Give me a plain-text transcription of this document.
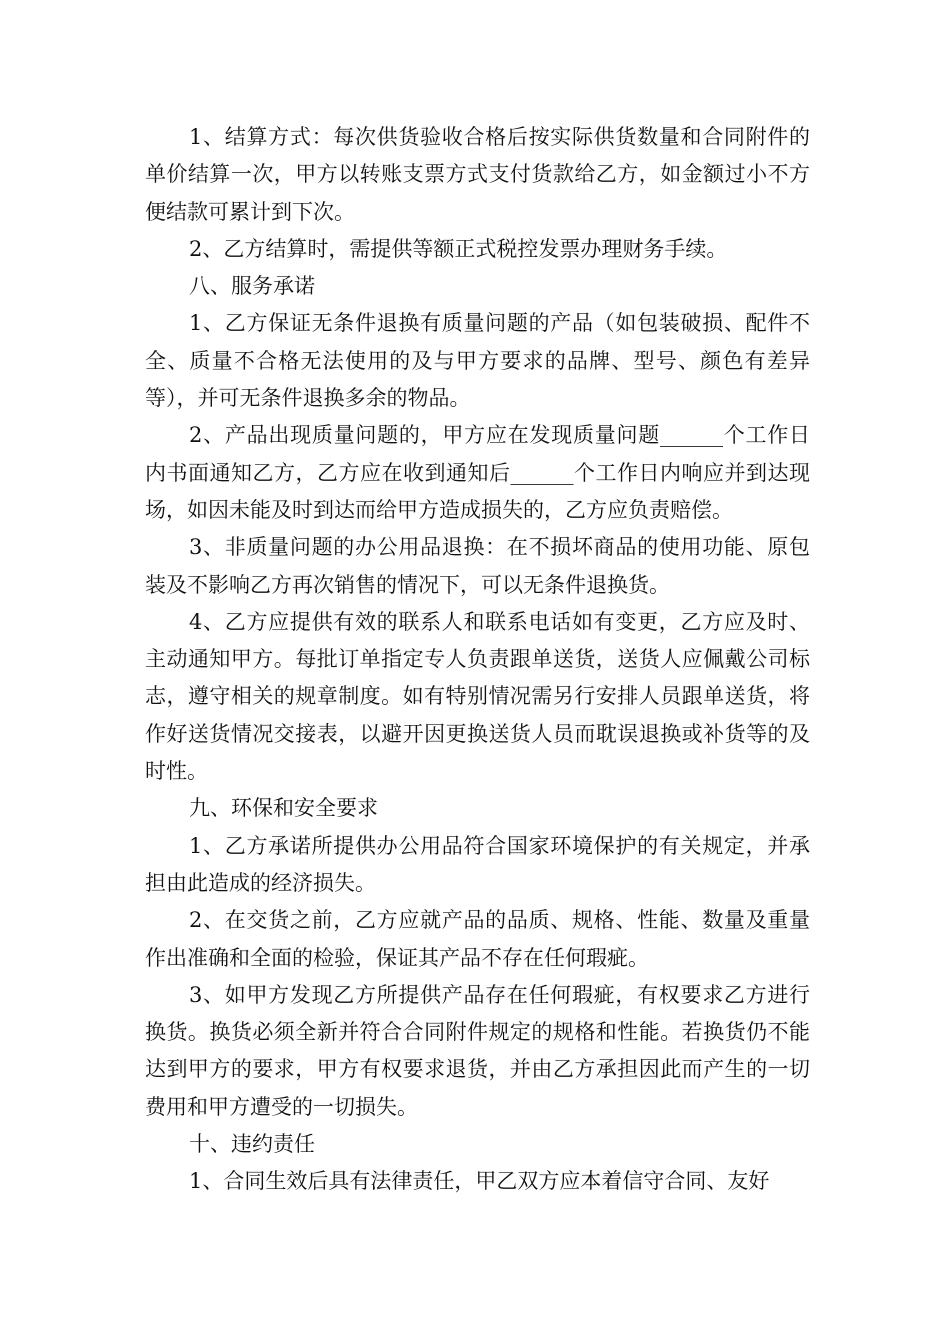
1、结算方式：每次供货验收合格后按实际供货数量和合同附件的单价结算一次，甲方以转账支票方式支付货款给乙方，如金额过小不方便结款可累计到下次。

2、乙方结算时，需提供等额正式税控发票办理财务手续。

八、服务承诺

1、乙方保证无条件退换有质量问题的产品（如包装破损、配件不全、质量不合格无法使用的及与甲方要求的品牌、型号、颜色有差异等），并可无条件退换多余的物品。

2、产品出现质量问题的，甲方应在发现质量问题______个工作日内书面通知乙方，乙方应在收到通知后______个工作日内响应并到达现场，如因未能及时到达而给甲方造成损失的，乙方应负责赔偿。

3、非质量问题的办公用品退换：在不损坏商品的使用功能、原包装及不影响乙方再次销售的情况下，可以无条件退换货。

4、乙方应提供有效的联系人和联系电话如有变更，乙方应及时、主动通知甲方。每批订单指定专人负责跟单送货，送货人应佩戴公司标志，遵守相关的规章制度。如有特别情况需另行安排人员跟单送货，将作好送货情况交接表，以避开因更换送货人员而耽误退换或补货等的及时性。

九、环保和安全要求

1、乙方承诺所提供办公用品符合国家环境保护的有关规定，并承担由此造成的经济损失。

2、在交货之前，乙方应就产品的品质、规格、性能、数量及重量作出准确和全面的检验，保证其产品不存在任何瑕疵。

3、如甲方发现乙方所提供产品存在任何瑕疵，有权要求乙方进行换货。换货必须全新并符合合同附件规定的规格和性能。若换货仍不能达到甲方的要求，甲方有权要求退货，并由乙方承担因此而产生的一切费用和甲方遭受的一切损失。

十、违约责任

1、合同生效后具有法律责任，甲乙双方应本着信守合同、友好
